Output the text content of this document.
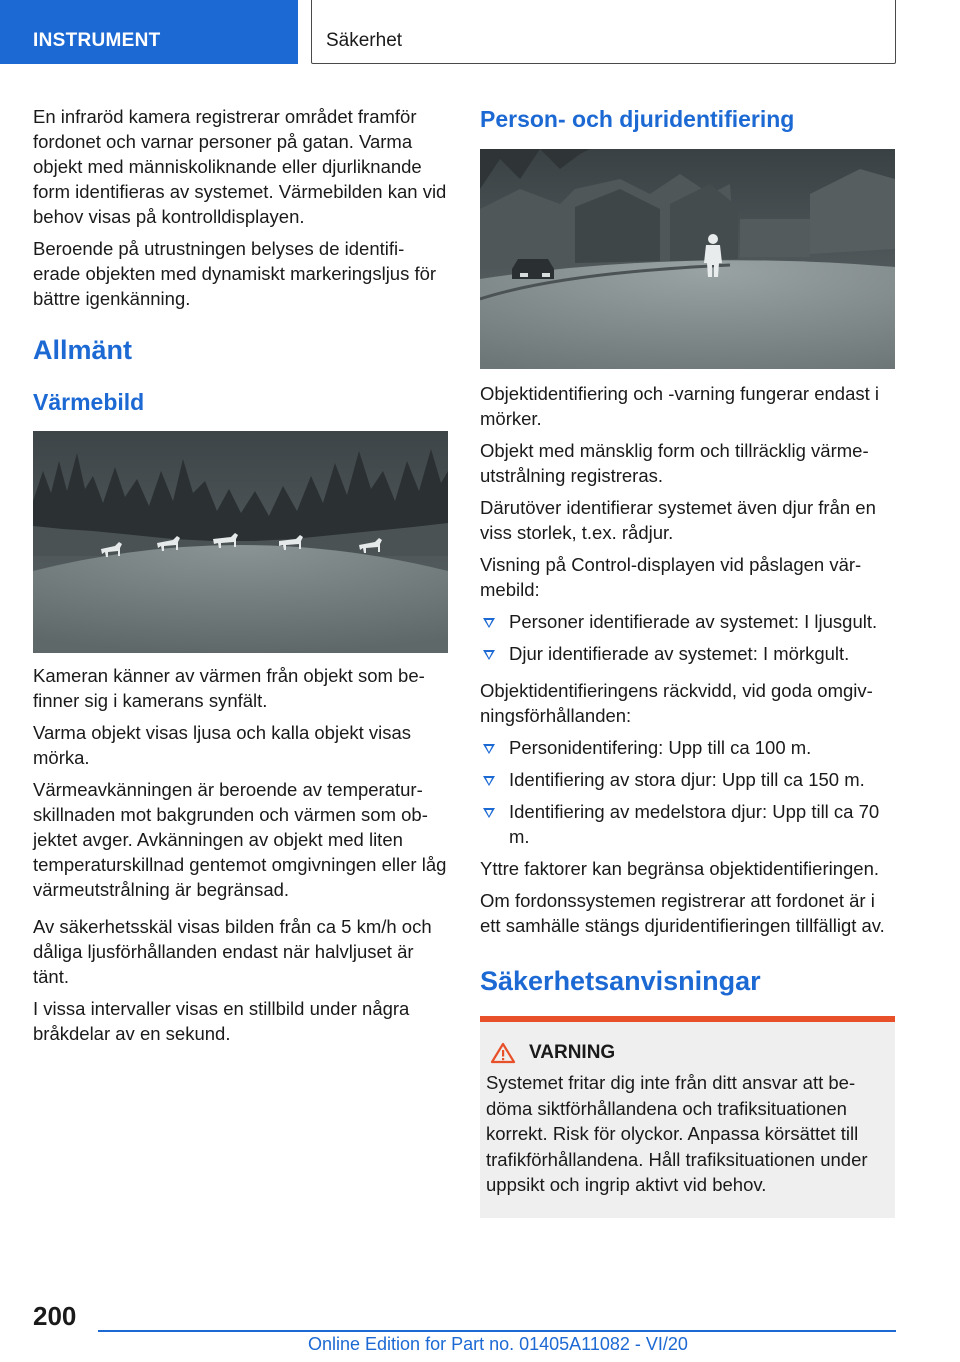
INSTRUMENT	Säkerhet

En infraröd kamera registrerar området framför fordonet och varnar personer på gatan. Varma objekt med människoliknande eller djurliknande form identifieras av systemet. Värmebilden kan vid behov visas på kontrolldisplayen.

Beroende på utrustningen belyses de identifi-erade objekten med dynamiskt markeringsljus för bättre igenkänning.

Allmänt
Värmebild

Kameran känner av värmen från objekt som be-finner sig i kamerans synfält.

Varma objekt visas ljusa och kalla objekt visas mörka.

Värmeavkänningen är beroende av temperatur-skillnaden mot bakgrunden och värmen som ob-jektet avger. Avkänningen av objekt med liten temperaturskillnad gentemot omgivningen eller låg värmeutstrålning är begränsad.

Av säkerhetsskäl visas bilden från ca 5 km/h och dåliga ljusförhållanden endast när halvljuset är tänt.

I vissa intervaller visas en stillbild under några bråkdelar av en sekund.

Person- och djuridentifiering

Objektidentifiering och -varning fungerar endast i mörker.

Objekt med mänsklig form och tillräcklig värme-utstrålning registreras.

Därutöver identifierar systemet även djur från en viss storlek, t.ex. rådjur.

Visning på Control-displayen vid påslagen vär-mebild:

Personer identifierade av systemet: I ljusgult.
Djur identifierade av systemet: I mörkgult.

Objektidentifieringens räckvidd, vid goda omgiv-ningsförhållanden:

Personidentifering: Upp till ca 100 m.
Identifiering av stora djur: Upp till ca 150 m.
Identifiering av medelstora djur: Upp till ca 70 m.

Yttre faktorer kan begränsa objektidentifieringen.

Om fordonssystemen registrerar att fordonet är i ett samhälle stängs djuridentifieringen tillfälligt av.

Säkerhetsanvisningar
VARNING

Systemet fritar dig inte från ditt ansvar att be-döma siktförhållandena och trafiksituationen korrekt. Risk för olyckor. Anpassa körsättet till trafikförhållandena. Håll trafiksituationen under uppsikt och ingrip aktivt vid behov.

200
Online Edition for Part no. 01405A11082 - VI/20
